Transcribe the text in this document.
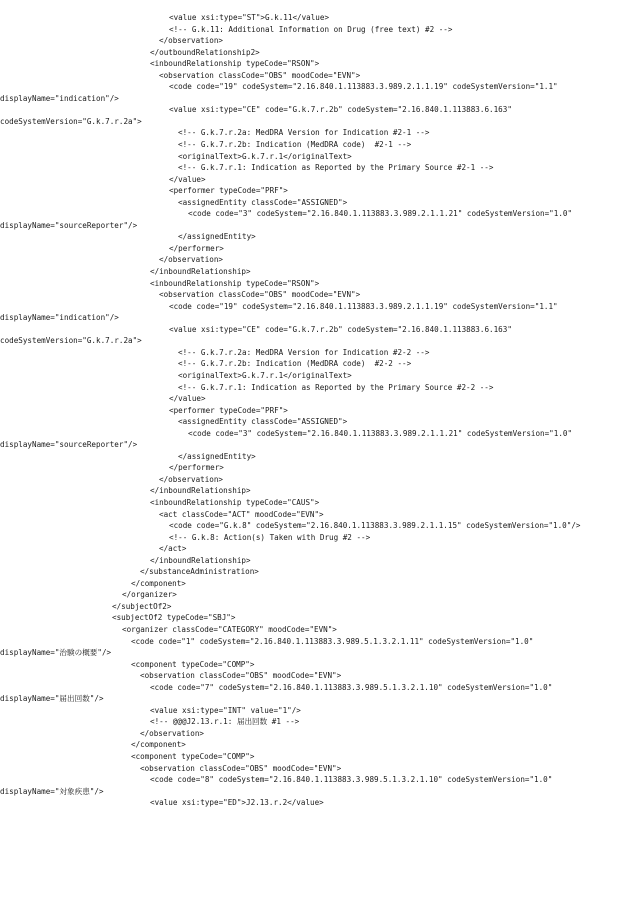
<value xsi:type="ST">G.k.11</value>
<!-- G.k.11: Additional Information on Drug (free text) #2 -->
</observation>
</outboundRelationship2>
<inboundRelationship typeCode="RSON">
<observation classCode="OBS" moodCode="EVN">
<code code="19" codeSystem="2.16.840.1.113883.3.989.2.1.1.19" codeSystemVersion="1.1"
displayName="indication"/>
<value xsi:type="CE" code="G.k.7.r.2b" codeSystem="2.16.840.1.113883.6.163"
codeSystemVersion="G.k.7.r.2a">
<!-- G.k.7.r.2a: MedDRA Version for Indication #2-1 -->
<!-- G.k.7.r.2b: Indication (MedDRA code)  #2-1 -->
<originalText>G.k.7.r.1</originalText>
<!-- G.k.7.r.1: Indication as Reported by the Primary Source #2-1 -->
</value>
<performer typeCode="PRF">
<assignedEntity classCode="ASSIGNED">
<code code="3" codeSystem="2.16.840.1.113883.3.989.2.1.1.21" codeSystemVersion="1.0"
displayName="sourceReporter"/>
</assignedEntity>
</performer>
</observation>
</inboundRelationship>
<inboundRelationship typeCode="RSON">
<observation classCode="OBS" moodCode="EVN">
<code code="19" codeSystem="2.16.840.1.113883.3.989.2.1.1.19" codeSystemVersion="1.1"
displayName="indication"/>
<value xsi:type="CE" code="G.k.7.r.2b" codeSystem="2.16.840.1.113883.6.163"
codeSystemVersion="G.k.7.r.2a">
<!-- G.k.7.r.2a: MedDRA Version for Indication #2-2 -->
<!-- G.k.7.r.2b: Indication (MedDRA code)  #2-2 -->
<originalText>G.k.7.r.1</originalText>
<!-- G.k.7.r.1: Indication as Reported by the Primary Source #2-2 -->
</value>
<performer typeCode="PRF">
<assignedEntity classCode="ASSIGNED">
<code code="3" codeSystem="2.16.840.1.113883.3.989.2.1.1.21" codeSystemVersion="1.0"
displayName="sourceReporter"/>
</assignedEntity>
</performer>
</observation>
</inboundRelationship>
<inboundRelationship typeCode="CAUS">
<act classCode="ACT" moodCode="EVN">
<code code="G.k.8" codeSystem="2.16.840.1.113883.3.989.2.1.1.15" codeSystemVersion="1.0"/>
<!-- G.k.8: Action(s) Taken with Drug #2 -->
</act>
</inboundRelationship>
</substanceAdministration>
</component>
</organizer>
</subjectOf2>
<subjectOf2 typeCode="SBJ">
<organizer classCode="CATEGORY" moodCode="EVN">
<code code="1" codeSystem="2.16.840.1.113883.3.989.5.1.3.2.1.11" codeSystemVersion="1.0"
displayName="治験の概要"/>
<component typeCode="COMP">
<observation classCode="OBS" moodCode="EVN">
<code code="7" codeSystem="2.16.840.1.113883.3.989.5.1.3.2.1.10" codeSystemVersion="1.0"
displayName="届出回数"/>
<value xsi:type="INT" value="1"/>
<!-- @@@J2.13.r.1: 届出回数 #1 -->
</observation>
</component>
<component typeCode="COMP">
<observation classCode="OBS" moodCode="EVN">
<code code="8" codeSystem="2.16.840.1.113883.3.989.5.1.3.2.1.10" codeSystemVersion="1.0"
displayName="対象疾患"/>
<value xsi:type="ED">J2.13.r.2</value>
